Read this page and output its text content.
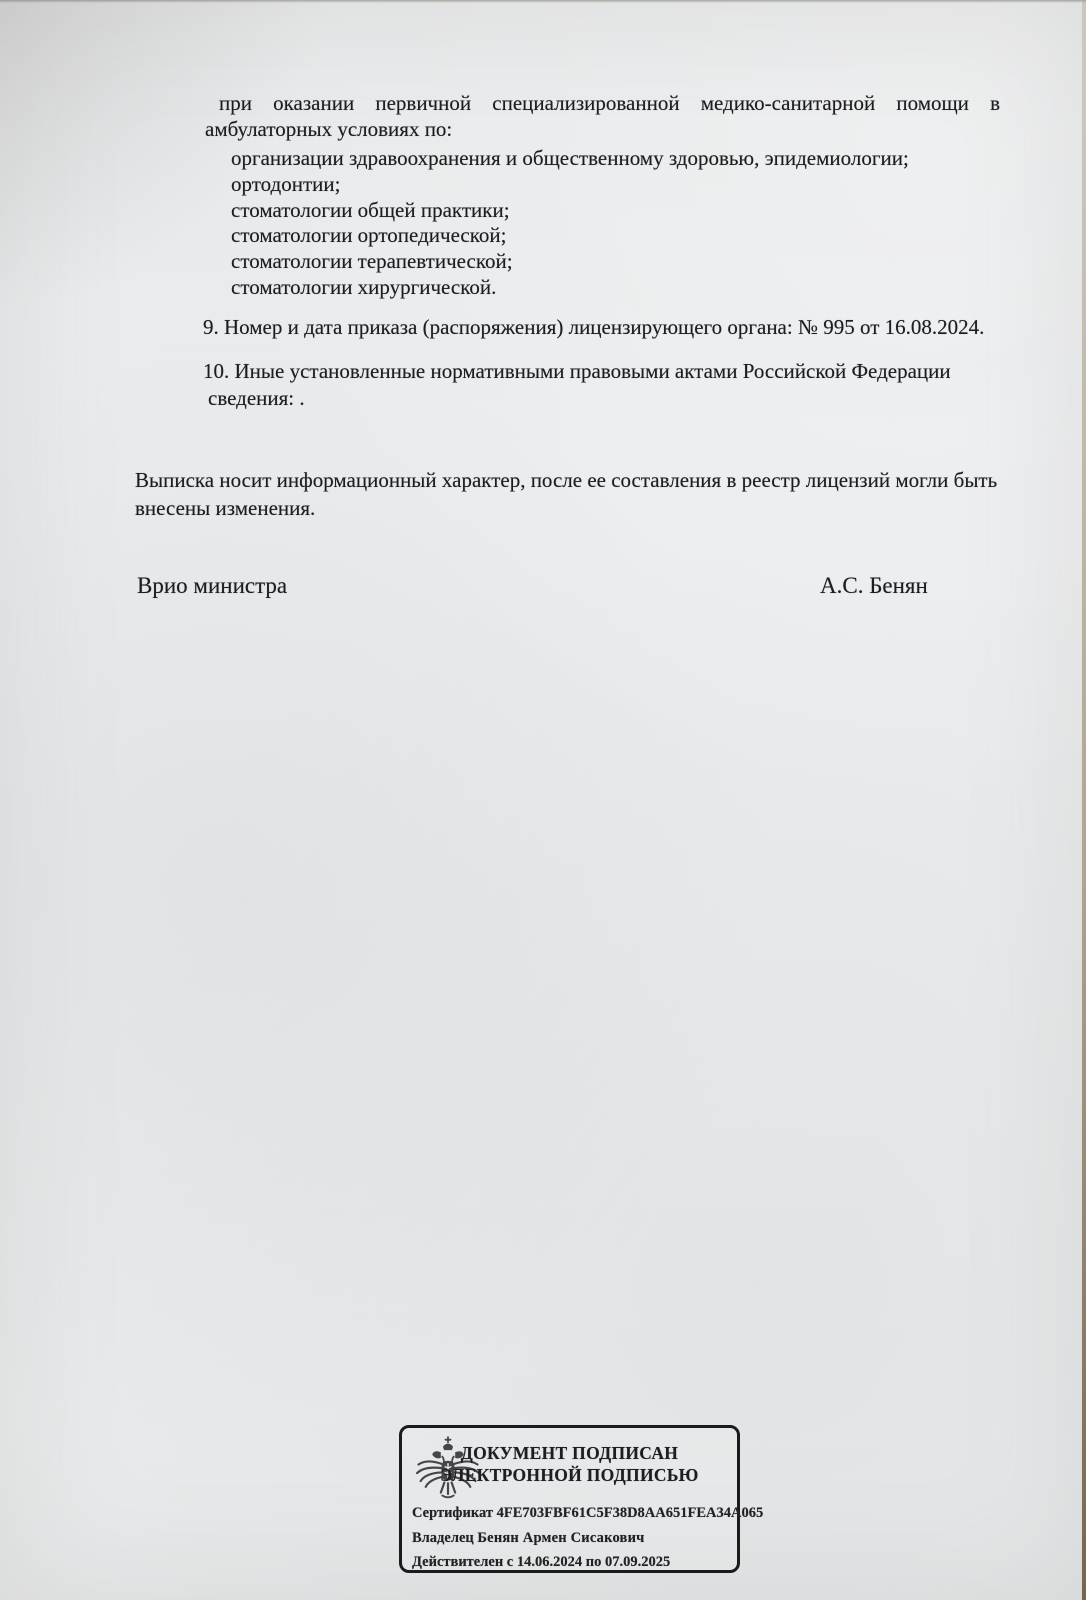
при оказании первичной специализированной медико-санитарной помощи в
амбулаторных условиях по:
организации здравоохранения и общественному здоровью, эпидемиологии;
ортодонтии;
стоматологии общей практики;
стоматологии ортопедической;
стоматологии терапевтической;
стоматологии хирургической.
9. Номер и дата приказа (распоряжения) лицензирующего органа: № 995 от 16.08.2024.
10. Иные установленные нормативными правовыми актами Российской Федерации
сведения: .
Выписка носит информационный характер, после ее составления в реестр лицензий могли быть
внесены изменения.
Врио министра	А.С. Бенян
ДОКУМЕНТ ПОДПИСАН
ЭЛЕКТРОННОЙ ПОДПИСЬЮ
Сертификат 4FE703FBF61C5F38D8AA651FEA34A065
Владелец Бенян Армен Сисакович
Действителен с 14.06.2024 по 07.09.2025
